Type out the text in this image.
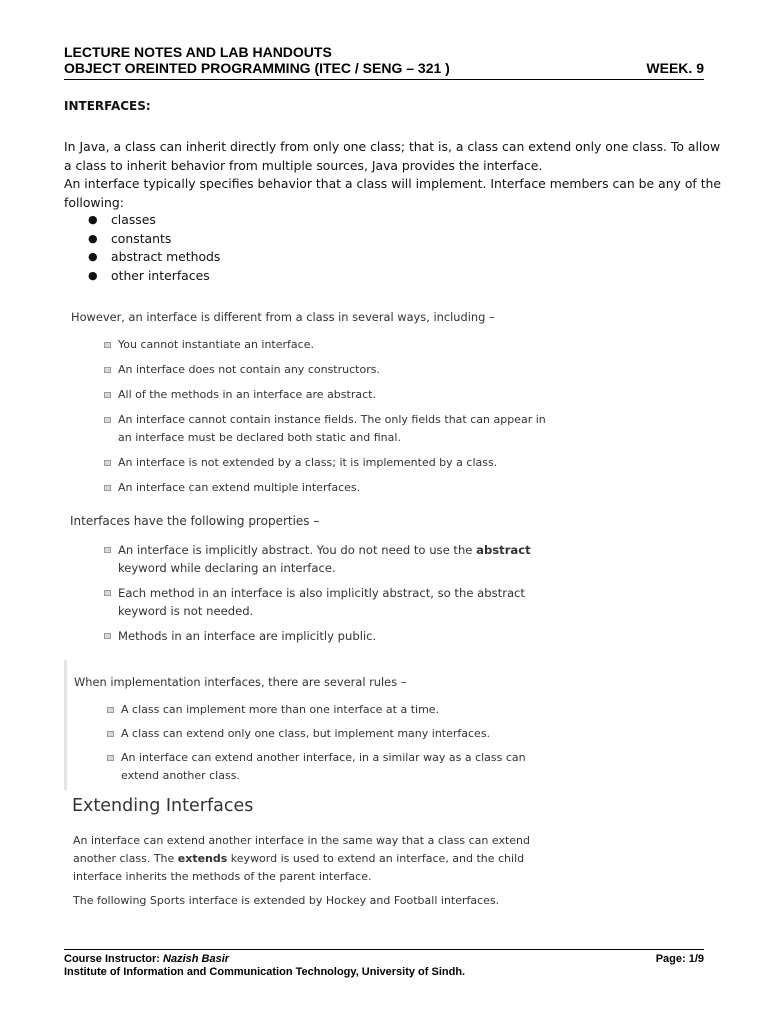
LECTURE NOTES AND LAB HANDOUTS
OBJECT OREINTED PROGRAMMING (ITEC / SENG – 321 )	WEEK. 9
INTERFACES:
In Java, a class can inherit directly from only one class; that is, a class can extend only one class. To allow a class to inherit behavior from multiple sources, Java provides the interface.
An interface typically specifies behavior that a class will implement. Interface members can be any of the following:
●	classes
●	constants
●	abstract methods
●	other interfaces
However, an interface is different from a class in several ways, including –
You cannot instantiate an interface.
An interface does not contain any constructors.
All of the methods in an interface are abstract.
An interface cannot contain instance fields. The only fields that can appear in an interface must be declared both static and final.
An interface is not extended by a class; it is implemented by a class.
An interface can extend multiple interfaces.
Interfaces have the following properties –
An interface is implicitly abstract. You do not need to use the abstract keyword while declaring an interface.
Each method in an interface is also implicitly abstract, so the abstract keyword is not needed.
Methods in an interface are implicitly public.
When implementation interfaces, there are several rules –
A class can implement more than one interface at a time.
A class can extend only one class, but implement many interfaces.
An interface can extend another interface, in a similar way as a class can extend another class.
Extending Interfaces
An interface can extend another interface in the same way that a class can extend another class. The extends keyword is used to extend an interface, and the child interface inherits the methods of the parent interface.
The following Sports interface is extended by Hockey and Football interfaces.
Course Instructor: Nazish Basir	Page: 1/9
Institute of Information and Communication Technology, University of Sindh.
